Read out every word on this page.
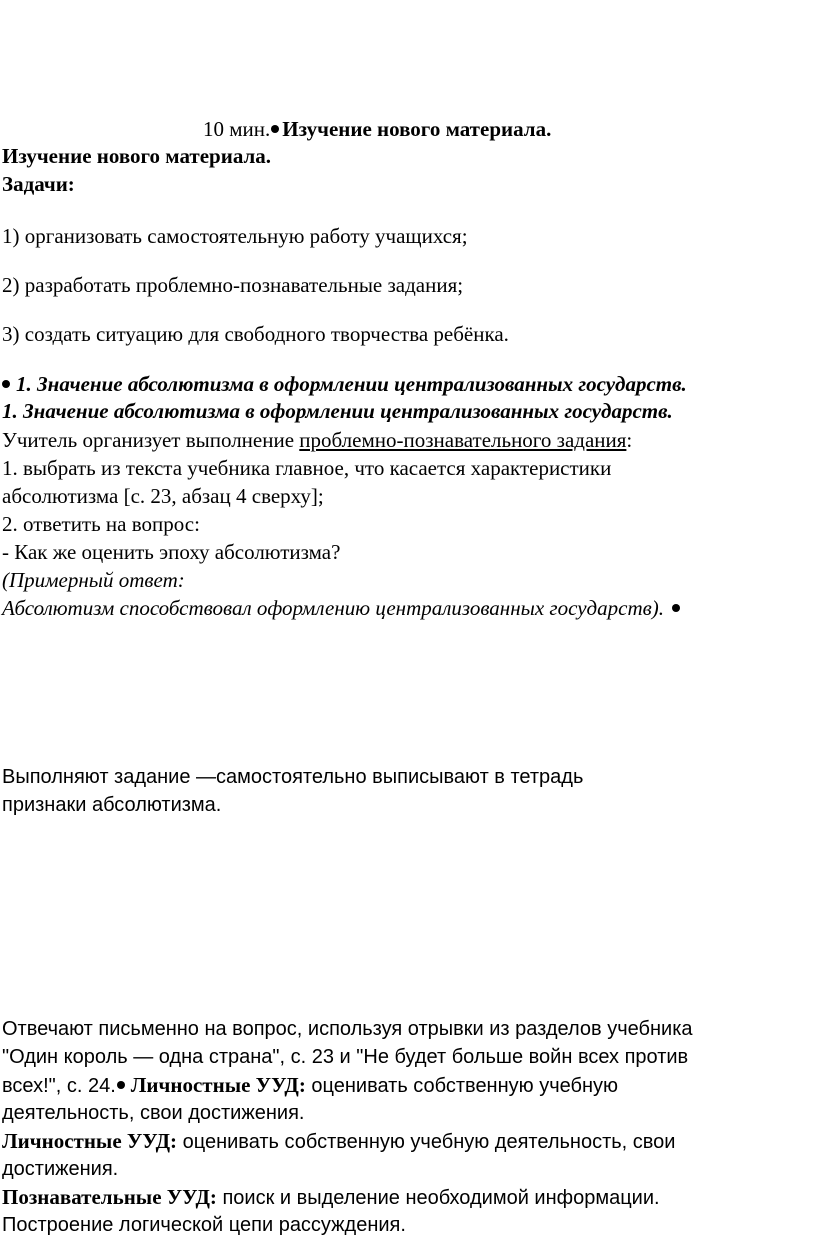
10 мин. Изучение нового материала.
Изучение нового материала.
Задачи:
1) организовать самостоятельную работу учащихся;
2) разработать проблемно-познавательные задания;
3) создать ситуацию для свободного творчества ребёнка.
1. Значение абсолютизма в оформлении централизованных государств.
1. Значение абсолютизма в оформлении централизованных государств.
Учитель организует выполнение проблемно-познавательного задания:
1. выбрать из текста учебника главное, что касается характеристики
абсолютизма [с. 23, абзац 4 сверху];
2. ответить на вопрос:
- Как же оценить эпоху абсолютизма?
(Примерный ответ:
Абсолютизм способствовал оформлению централизованных государств).
Выполняют задание —самостоятельно выписывают в тетрадь
признаки абсолютизма.
Отвечают письменно на вопрос, используя отрывки из разделов учебника
"Один король — одна страна", с. 23 и "Не будет больше войн всех против
всех!", с. 24. Личностные УУД: оценивать собственную учебную
деятельность, свои достижения.
Личностные УУД: оценивать собственную учебную деятельность, свои
достижения.
Познавательные УУД: поиск и выделение необходимой информации.
Построение логической цепи рассуждения.
